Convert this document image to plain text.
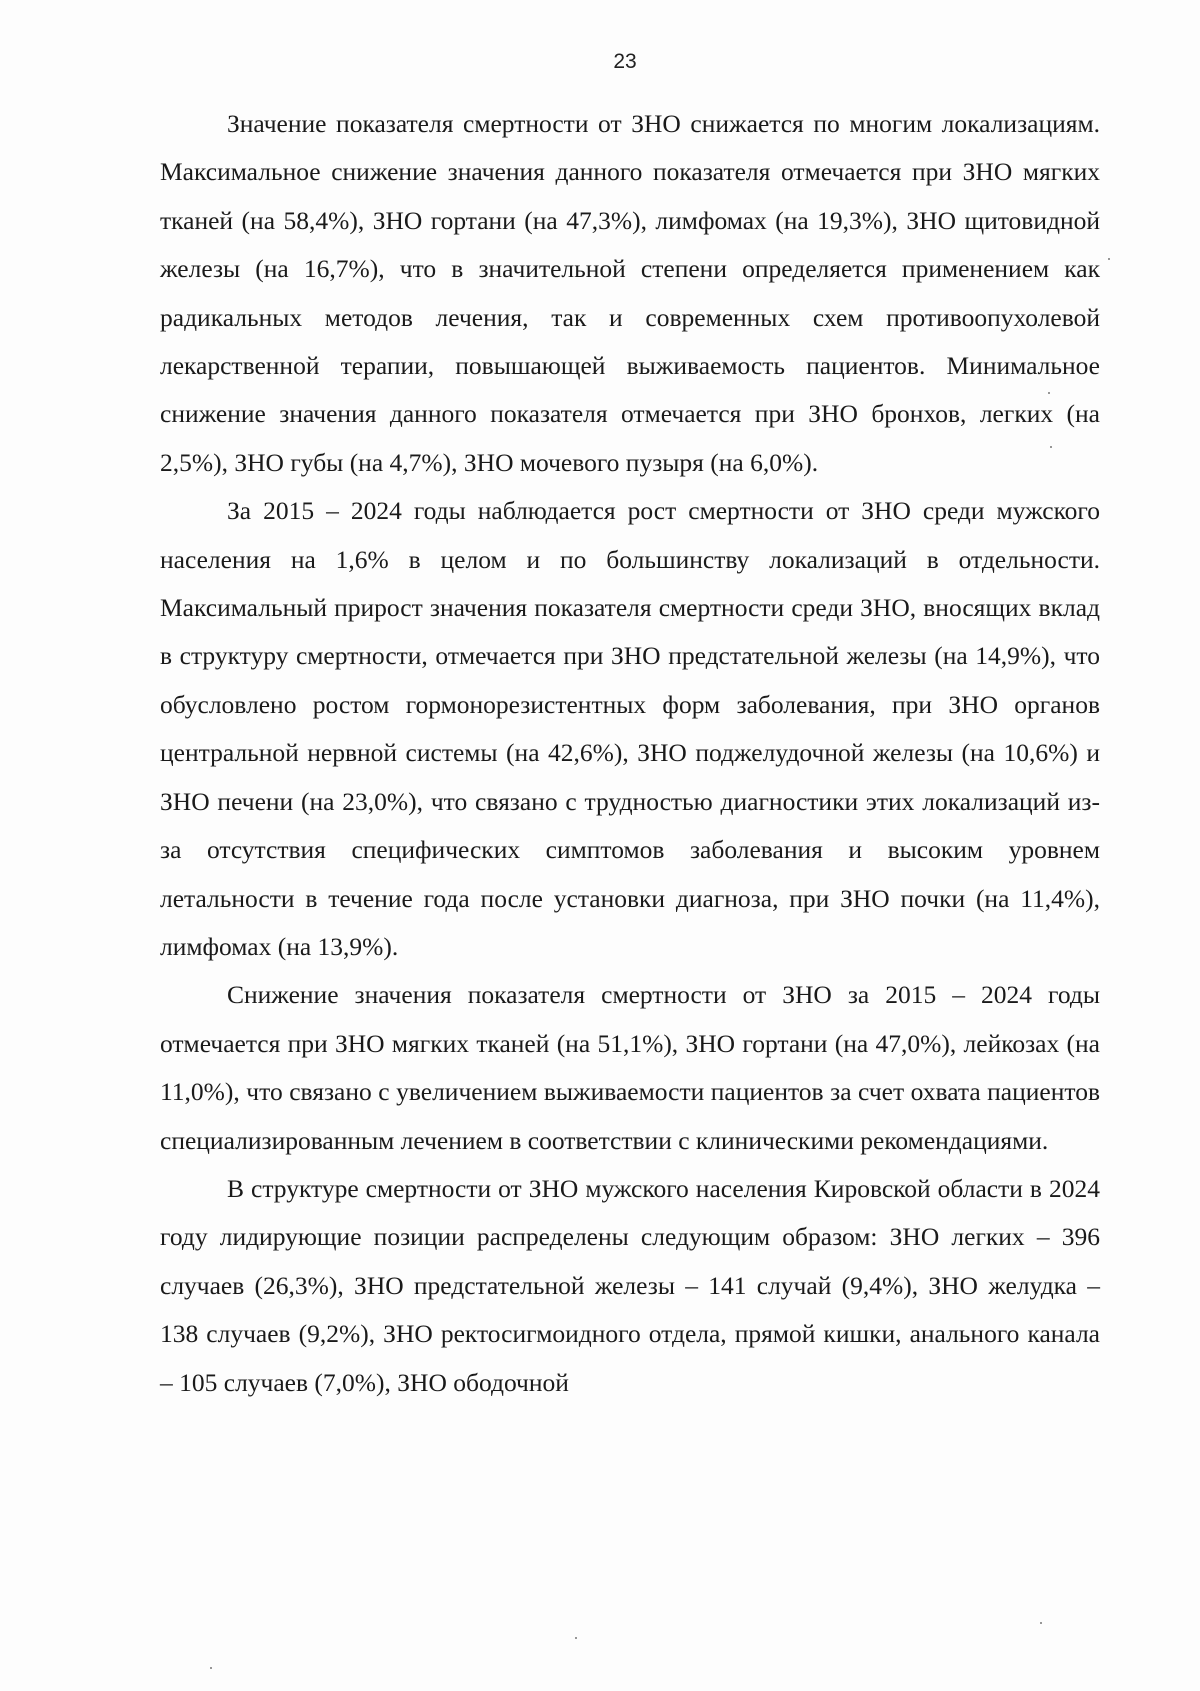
23

Значение показателя смертности от ЗНО снижается по многим локализациям. Максимальное снижение значения данного показателя отмечается при ЗНО мягких тканей (на 58,4%), ЗНО гортани (на 47,3%), лимфомах (на 19,3%), ЗНО щитовидной железы (на 16,7%), что в значительной степени определяется применением как радикальных методов лечения, так и современных схем противоопухолевой лекарственной терапии, повышающей выживаемость пациентов. Минимальное снижение значения данного показателя отмечается при ЗНО бронхов, легких (на 2,5%), ЗНО губы (на 4,7%), ЗНО мочевого пузыря (на 6,0%).

За 2015 – 2024 годы наблюдается рост смертности от ЗНО среди мужского населения на 1,6% в целом и по большинству локализаций в отдельности. Максимальный прирост значения показателя смертности среди ЗНО, вносящих вклад в структуру смертности, отмечается при ЗНО предстательной железы (на 14,9%), что обусловлено ростом гормонорезистентных форм заболевания, при ЗНО органов центральной нервной системы (на 42,6%), ЗНО поджелудочной железы (на 10,6%) и ЗНО печени (на 23,0%), что связано с трудностью диагностики этих локализаций из-за отсутствия специфических симптомов заболевания и высоким уровнем летальности в течение года после установки диагноза, при ЗНО почки (на 11,4%), лимфомах (на 13,9%).

Снижение значения показателя смертности от ЗНО за 2015 – 2024 годы отмечается при ЗНО мягких тканей (на 51,1%), ЗНО гортани (на 47,0%), лейкозах (на 11,0%), что связано с увеличением выживаемости пациентов за счет охвата пациентов специализированным лечением в соответствии с клиническими рекомендациями.

В структуре смертности от ЗНО мужского населения Кировской области в 2024 году лидирующие позиции распределены следующим образом: ЗНО легких – 396 случаев (26,3%), ЗНО предстательной железы – 141 случай (9,4%), ЗНО желудка – 138 случаев (9,2%), ЗНО ректосигмоидного отдела, прямой кишки, анального канала – 105 случаев (7,0%), ЗНО ободочной
